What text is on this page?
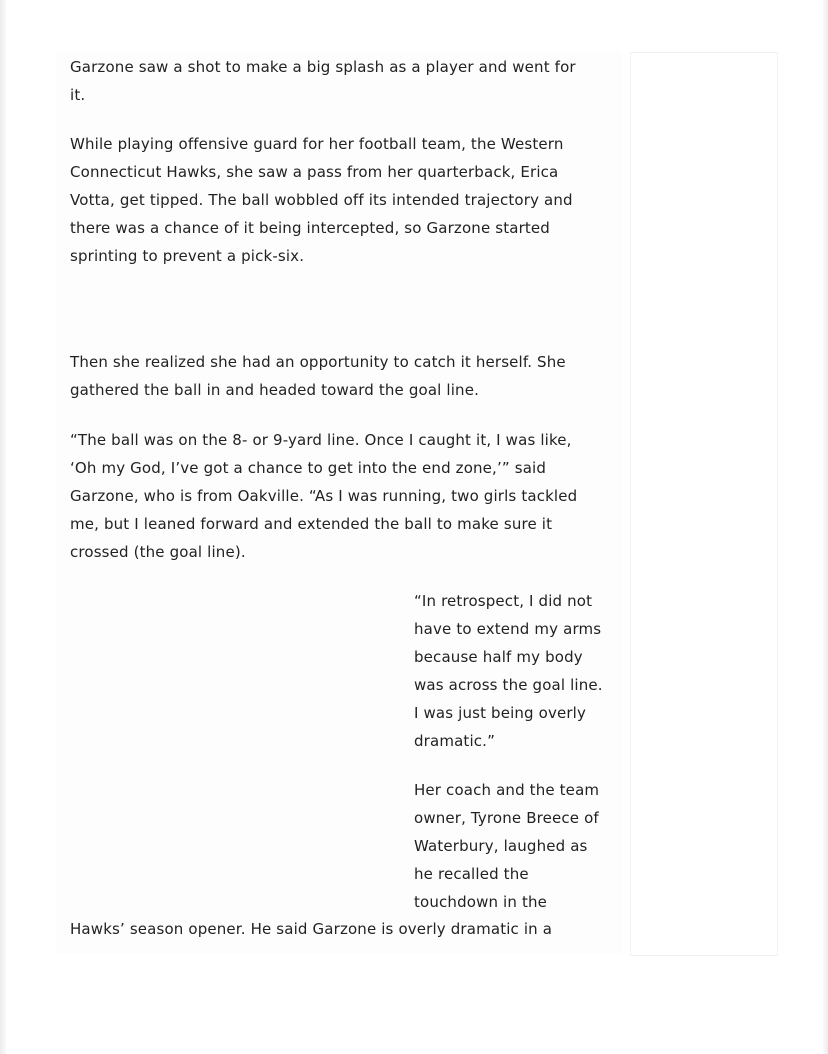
Garzone saw a shot to make a big splash as a player and went for
it.

While playing offensive guard for her football team, the Western
Connecticut Hawks, she saw a pass from her quarterback, Erica
Votta, get tipped. The ball wobbled off its intended trajectory and
there was a chance of it being intercepted, so Garzone started
sprinting to prevent a pick-six.

Then she realized she had an opportunity to catch it herself. She
gathered the ball in and headed toward the goal line.

“The ball was on the 8- or 9-yard line. Once I caught it, I was like,
‘Oh my God, I’ve got a chance to get into the end zone,’” said
Garzone, who is from Oakville. “As I was running, two girls tackled
me, but I leaned forward and extended the ball to make sure it
crossed (the goal line).

“In retrospect, I did not
have to extend my arms
because half my body
was across the goal line.
I was just being overly
dramatic.”

Her coach and the team
owner, Tyrone Breece of
Waterbury, laughed as
he recalled the
touchdown in the

Hawks’ season opener. He said Garzone is overly dramatic in a
